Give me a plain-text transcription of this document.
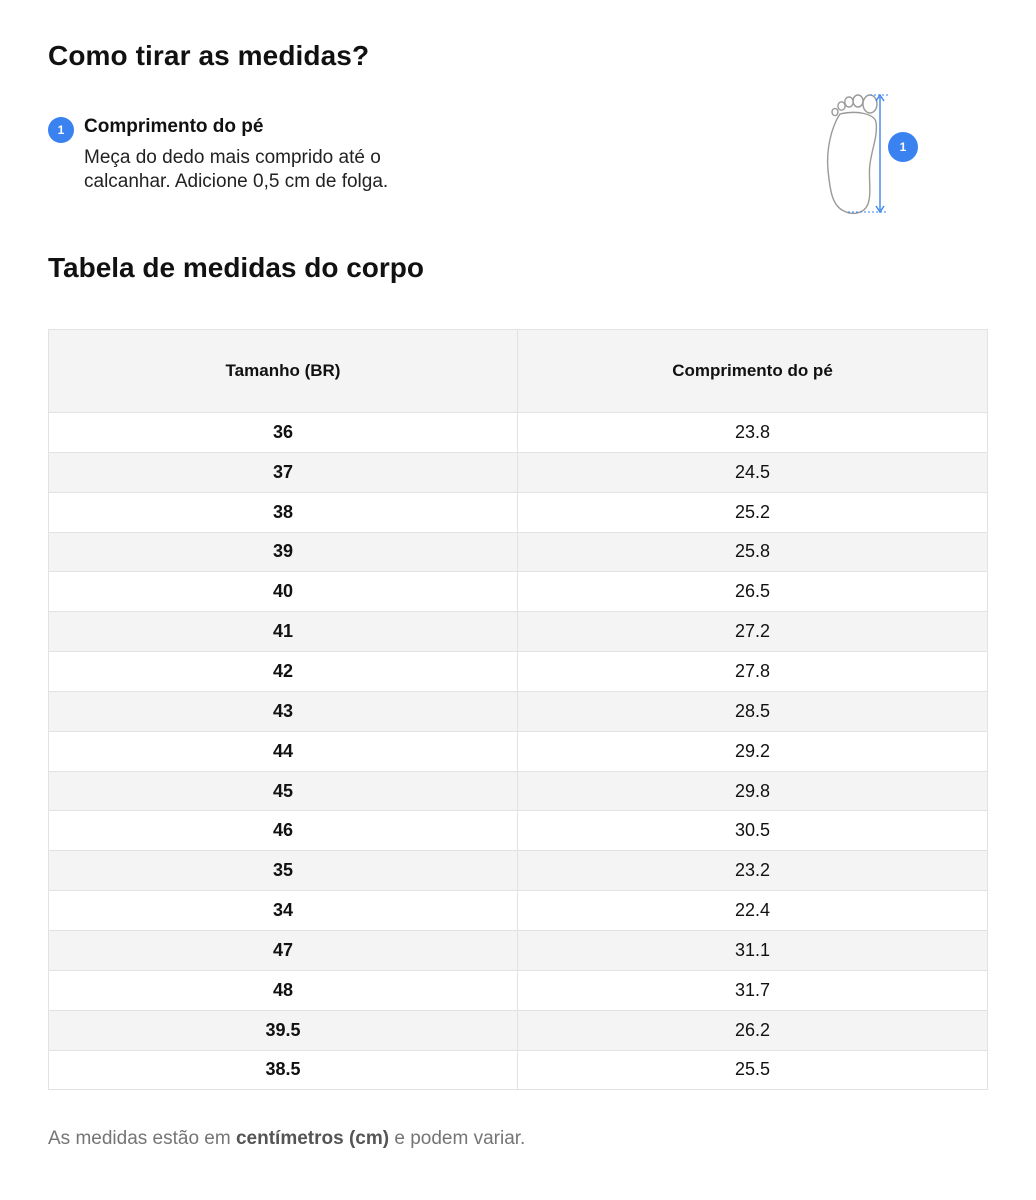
Como tirar as medidas?
1	Comprimento do pé
Meça do dedo mais comprido até o calcanhar. Adicione 0,5 cm de folga.
1
Tabela de medidas do corpo
Tamanho (BR)	Comprimento do pé
36	23.8
37	24.5
38	25.2
39	25.8
40	26.5
41	27.2
42	27.8
43	28.5
44	29.2
45	29.8
46	30.5
35	23.2
34	22.4
47	31.1
48	31.7
39.5	26.2
38.5	25.5

As medidas estão em centímetros (cm) e podem variar.
